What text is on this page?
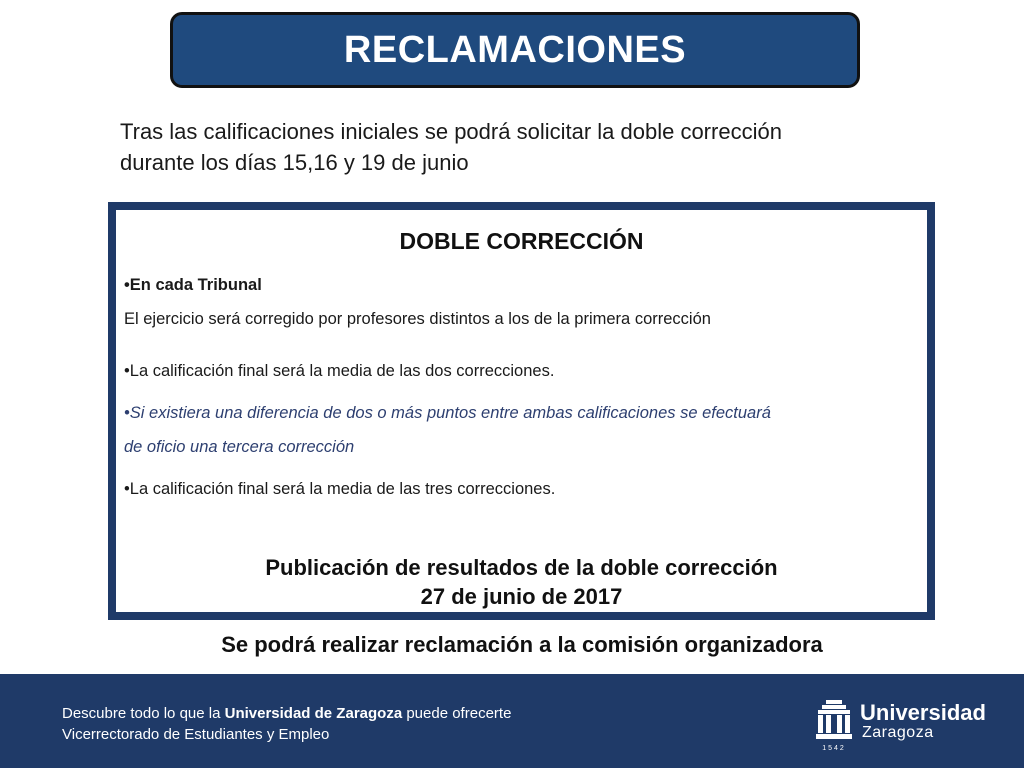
RECLAMACIONES
Tras las calificaciones iniciales se podrá solicitar la doble corrección
durante los días 15,16 y 19 de junio
DOBLE CORRECCIÓN
•En cada Tribunal
El ejercicio será corregido por profesores distintos a los de la primera corrección
•La calificación final será la media de las dos correcciones.
•Si existiera una diferencia de dos o más puntos entre ambas calificaciones se efectuará
de oficio una tercera corrección
•La calificación final será la media de las tres correcciones.
Publicación de resultados de la doble corrección
27 de junio de 2017
Se podrá realizar reclamación a la comisión organizadora
Descubre todo lo que la Universidad de Zaragoza puede ofrecerte
Vicerrectorado de Estudiantes y Empleo
1542
Universidad
Zaragoza
